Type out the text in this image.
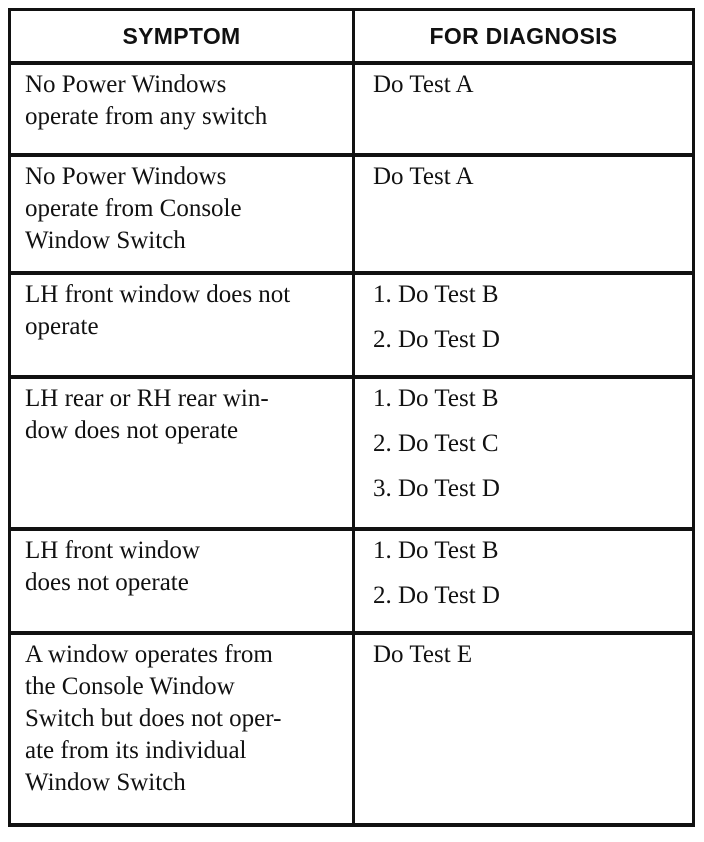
SYMPTOM	FOR DIAGNOSIS

No Power Windows
operate from any switch	Do Test A

No Power Windows
operate from Console
Window Switch	Do Test A

LH front window does not
operate	1. Do Test B
2. Do Test D

LH rear or RH rear win-
dow does not operate	1. Do Test B
2. Do Test C
3. Do Test D

LH front window
does not operate	1. Do Test B
2. Do Test D

A window operates from
the Console Window
Switch but does not oper-
ate from its individual
Window Switch	Do Test E
